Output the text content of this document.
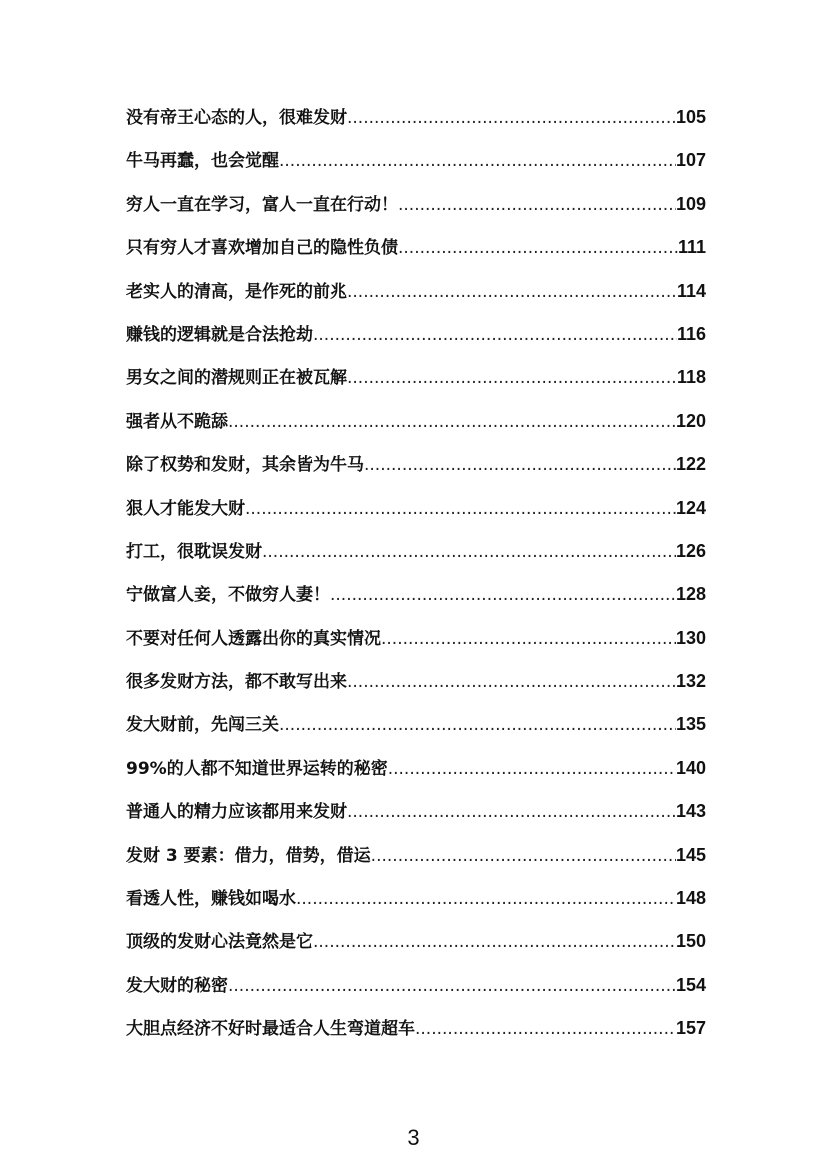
没有帝王心态的人，很难发财 .....	105
牛马再蠢，也会觉醒 .....	107
穷人一直在学习，富人一直在行动！ .....	109
只有穷人才喜欢增加自己的隐性负债 .....	111
老实人的清高，是作死的前兆 .....	114
赚钱的逻辑就是合法抢劫 .....	116
男女之间的潜规则正在被瓦解 .....	118
强者从不跪舔 .....	120
除了权势和发财，其余皆为牛马 .....	122
狠人才能发大财 .....	124
打工，很耽误发财 .....	126
宁做富人妾，不做穷人妻！ .....	128
不要对任何人透露出你的真实情况 .....	130
很多发财方法，都不敢写出来 .....	132
发大财前，先闯三关 .....	135
99%的人都不知道世界运转的秘密 .....	140
普通人的精力应该都用来发财 .....	143
发财 3 要素：借力，借势，借运 .....	145
看透人性，赚钱如喝水 .....	148
顶级的发财心法竟然是它 .....	150
发大财的秘密 .....	154
大胆点经济不好时最适合人生弯道超车 .....	157
3
